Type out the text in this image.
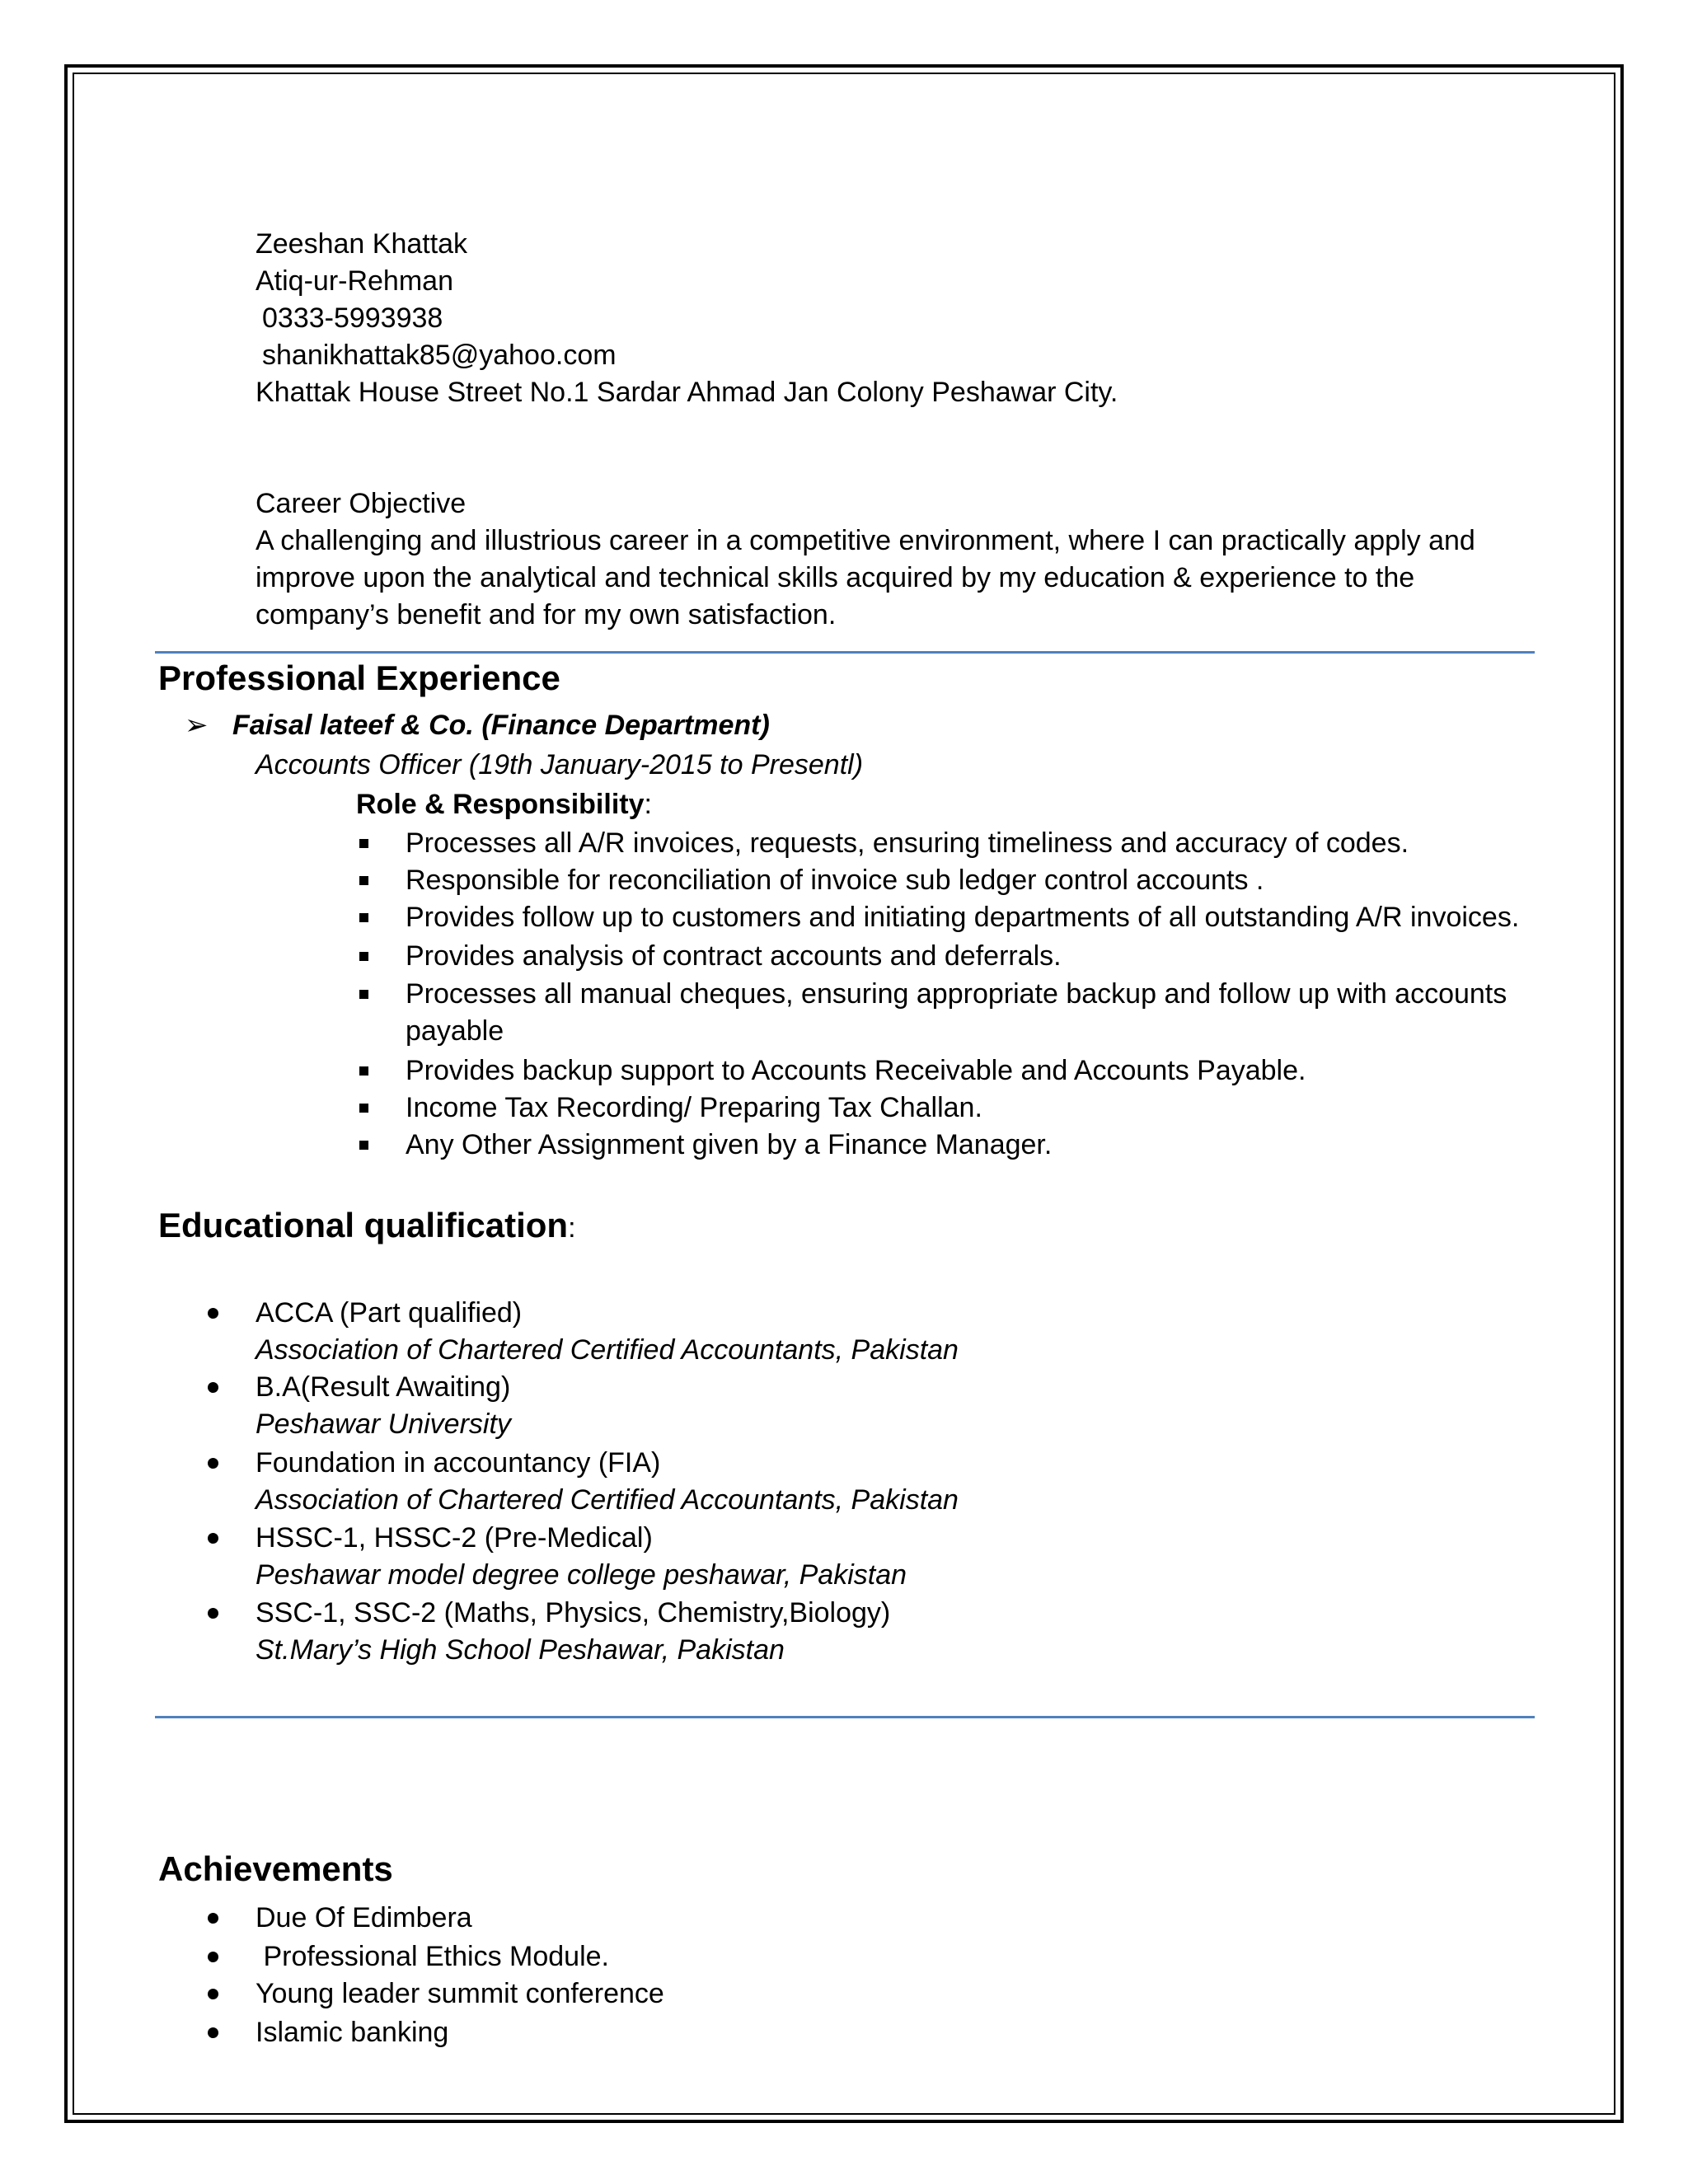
Zeeshan Khattak
Atiq-ur-Rehman
0333-5993938
shanikhattak85@yahoo.com
Khattak House Street No.1 Sardar Ahmad Jan Colony Peshawar City.
Career Objective
A challenging and illustrious career in a competitive environment, where I can practically apply and
improve upon the analytical and technical skills acquired by my education & experience to the
company’s benefit and for my own satisfaction.
Professional Experience
➢ Faisal lateef & Co. (Finance Department)
Accounts Officer (19th January-2015 to Presentl)
Role & Responsibility:
Processes all A/R invoices, requests, ensuring timeliness and accuracy of codes.
Responsible for reconciliation of invoice sub ledger control accounts .
Provides follow up to customers and initiating departments of all outstanding A/R invoices.
Provides analysis of contract accounts and deferrals.
Processes all manual cheques, ensuring appropriate backup and follow up with accounts
payable
Provides backup support to Accounts Receivable and Accounts Payable.
Income Tax Recording/ Preparing Tax Challan.
Any Other Assignment given by a Finance Manager.
Educational qualification:
ACCA (Part qualified)
Association of Chartered Certified Accountants, Pakistan
B.A(Result Awaiting)
Peshawar University
Foundation in accountancy (FIA)
Association of Chartered Certified Accountants, Pakistan
HSSC-1, HSSC-2 (Pre-Medical)
Peshawar model degree college peshawar, Pakistan
SSC-1, SSC-2 (Maths, Physics, Chemistry,Biology)
St.Mary’s High School Peshawar, Pakistan
Achievements
Due Of Edimbera
Professional Ethics Module.
Young leader summit conference
Islamic banking
